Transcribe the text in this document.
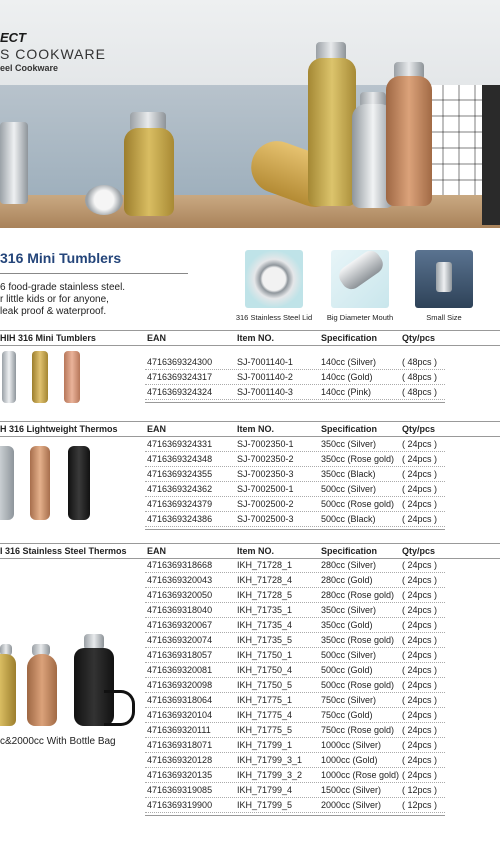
ECT
S COOKWARE
eel Cookware
316 Mini Tumblers
6 food-grade stainless steel.
r little kids or for anyone,
leak proof & waterproof.
316 Stainless Steel Lid	Big Diameter Mouth	Small Size
HIH 316 Mini Tumblers	EAN	Item NO.	Specification	Qty/pcs
4716369324300	SJ-7001140-1	140cc (Silver)	( 48pcs )
4716369324317	SJ-7001140-2	140cc (Gold)	( 48pcs )
4716369324324	SJ-7001140-3	140cc (Pink)	( 48pcs )
H 316 Lightweight Thermos	EAN	Item NO.	Specification	Qty/pcs
4716369324331	SJ-7002350-1	350cc (Silver)	( 24pcs )
4716369324348	SJ-7002350-2	350cc (Rose gold) ( 24pcs )
4716369324355	SJ-7002350-3	350cc (Black)	( 24pcs )
4716369324362	SJ-7002500-1	500cc (Silver)	( 24pcs )
4716369324379	SJ-7002500-2	500cc (Rose gold) ( 24pcs )
4716369324386	SJ-7002500-3	500cc (Black)	( 24pcs )
I 316 Stainless Steel Thermos EAN	Item NO.	Specification	Qty/pcs
4716369318668	IKH_71728_1	280cc (Silver)	( 24pcs )
4716369320043	IKH_71728_4	280cc (Gold)	( 24pcs )
4716369320050	IKH_71728_5	280cc (Rose gold) ( 24pcs )
4716369318040	IKH_71735_1	350cc (Silver)	( 24pcs )
4716369320067	IKH_71735_4	350cc (Gold)	( 24pcs )
4716369320074	IKH_71735_5	350cc (Rose gold) ( 24pcs )
4716369318057	IKH_71750_1	500cc (Silver)	( 24pcs )
4716369320081	IKH_71750_4	500cc (Gold)	( 24pcs )
4716369320098	IKH_71750_5	500cc (Rose gold) ( 24pcs )
4716369318064	IKH_71775_1	750cc (Silver)	( 24pcs )
4716369320104	IKH_71775_4	750cc (Gold)	( 24pcs )
4716369320111	IKH_71775_5	750cc (Rose gold) ( 24pcs )
4716369318071	IKH_71799_1	1000cc (Silver) ( 24pcs )
4716369320128	IKH_71799_3_1 1000cc (Gold)	( 24pcs )
4716369320135	IKH_71799_3_2 1000cc (Rose gold) ( 24pcs )
4716369319085	IKH_71799_4	1500cc (Silver) ( 12pcs )
4716369319900	IKH_71799_5	2000cc (Silver) ( 12pcs )
c&2000cc With Bottle Bag
